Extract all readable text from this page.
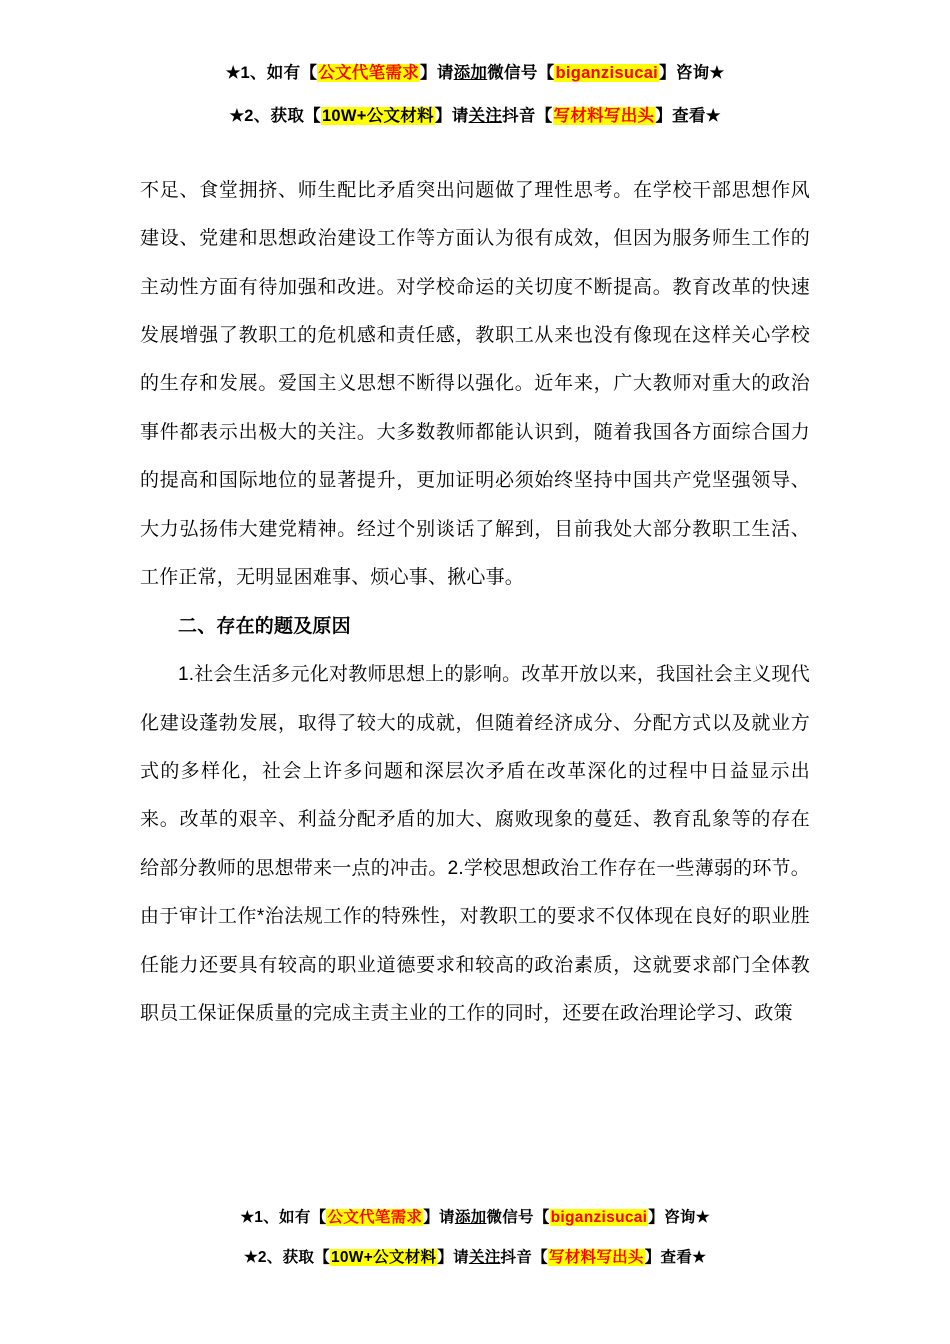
★1、如有【公文代笔需求】请添加微信号【biganzisucai】咨询★
★2、获取【10W+公文材料】请关注抖音【写材料写出头】查看★

不足、食堂拥挤、师生配比矛盾突出问题做了理性思考。在学校干部思想作风建设、党建和思想政治建设工作等方面认为很有成效，但因为服务师生工作的主动性方面有待加强和改进。对学校命运的关切度不断提高。教育改革的快速发展增强了教职工的危机感和责任感，教职工从来也没有像现在这样关心学校的生存和发展。爱国主义思想不断得以强化。近年来，广大教师对重大的政治事件都表示出极大的关注。大多数教师都能认识到，随着我国各方面综合国力的提高和国际地位的显著提升，更加证明必须始终坚持中国共产党坚强领导、大力弘扬伟大建党精神。经过个别谈话了解到，目前我处大部分教职工生活、工作正常，无明显困难事、烦心事、揪心事。

二、存在的题及原因

1.社会生活多元化对教师思想上的影响。改革开放以来，我国社会主义现代化建设蓬勃发展，取得了较大的成就，但随着经济成分、分配方式以及就业方式的多样化，社会上许多问题和深层次矛盾在改革深化的过程中日益显示出来。改革的艰辛、利益分配矛盾的加大、腐败现象的蔓廷、教育乱象等的存在给部分教师的思想带来一点的冲击。2.学校思想政治工作存在一些薄弱的环节。由于审计工作*治法规工作的特殊性，对教职工的要求不仅体现在良好的职业胜任能力还要具有较高的职业道德要求和较高的政治素质，这就要求部门全体教职员工保证保质量的完成主责主业的工作的同时，还要在政治理论学习、政策

★1、如有【公文代笔需求】请添加微信号【biganzisucai】咨询★
★2、获取【10W+公文材料】请关注抖音【写材料写出头】查看★
